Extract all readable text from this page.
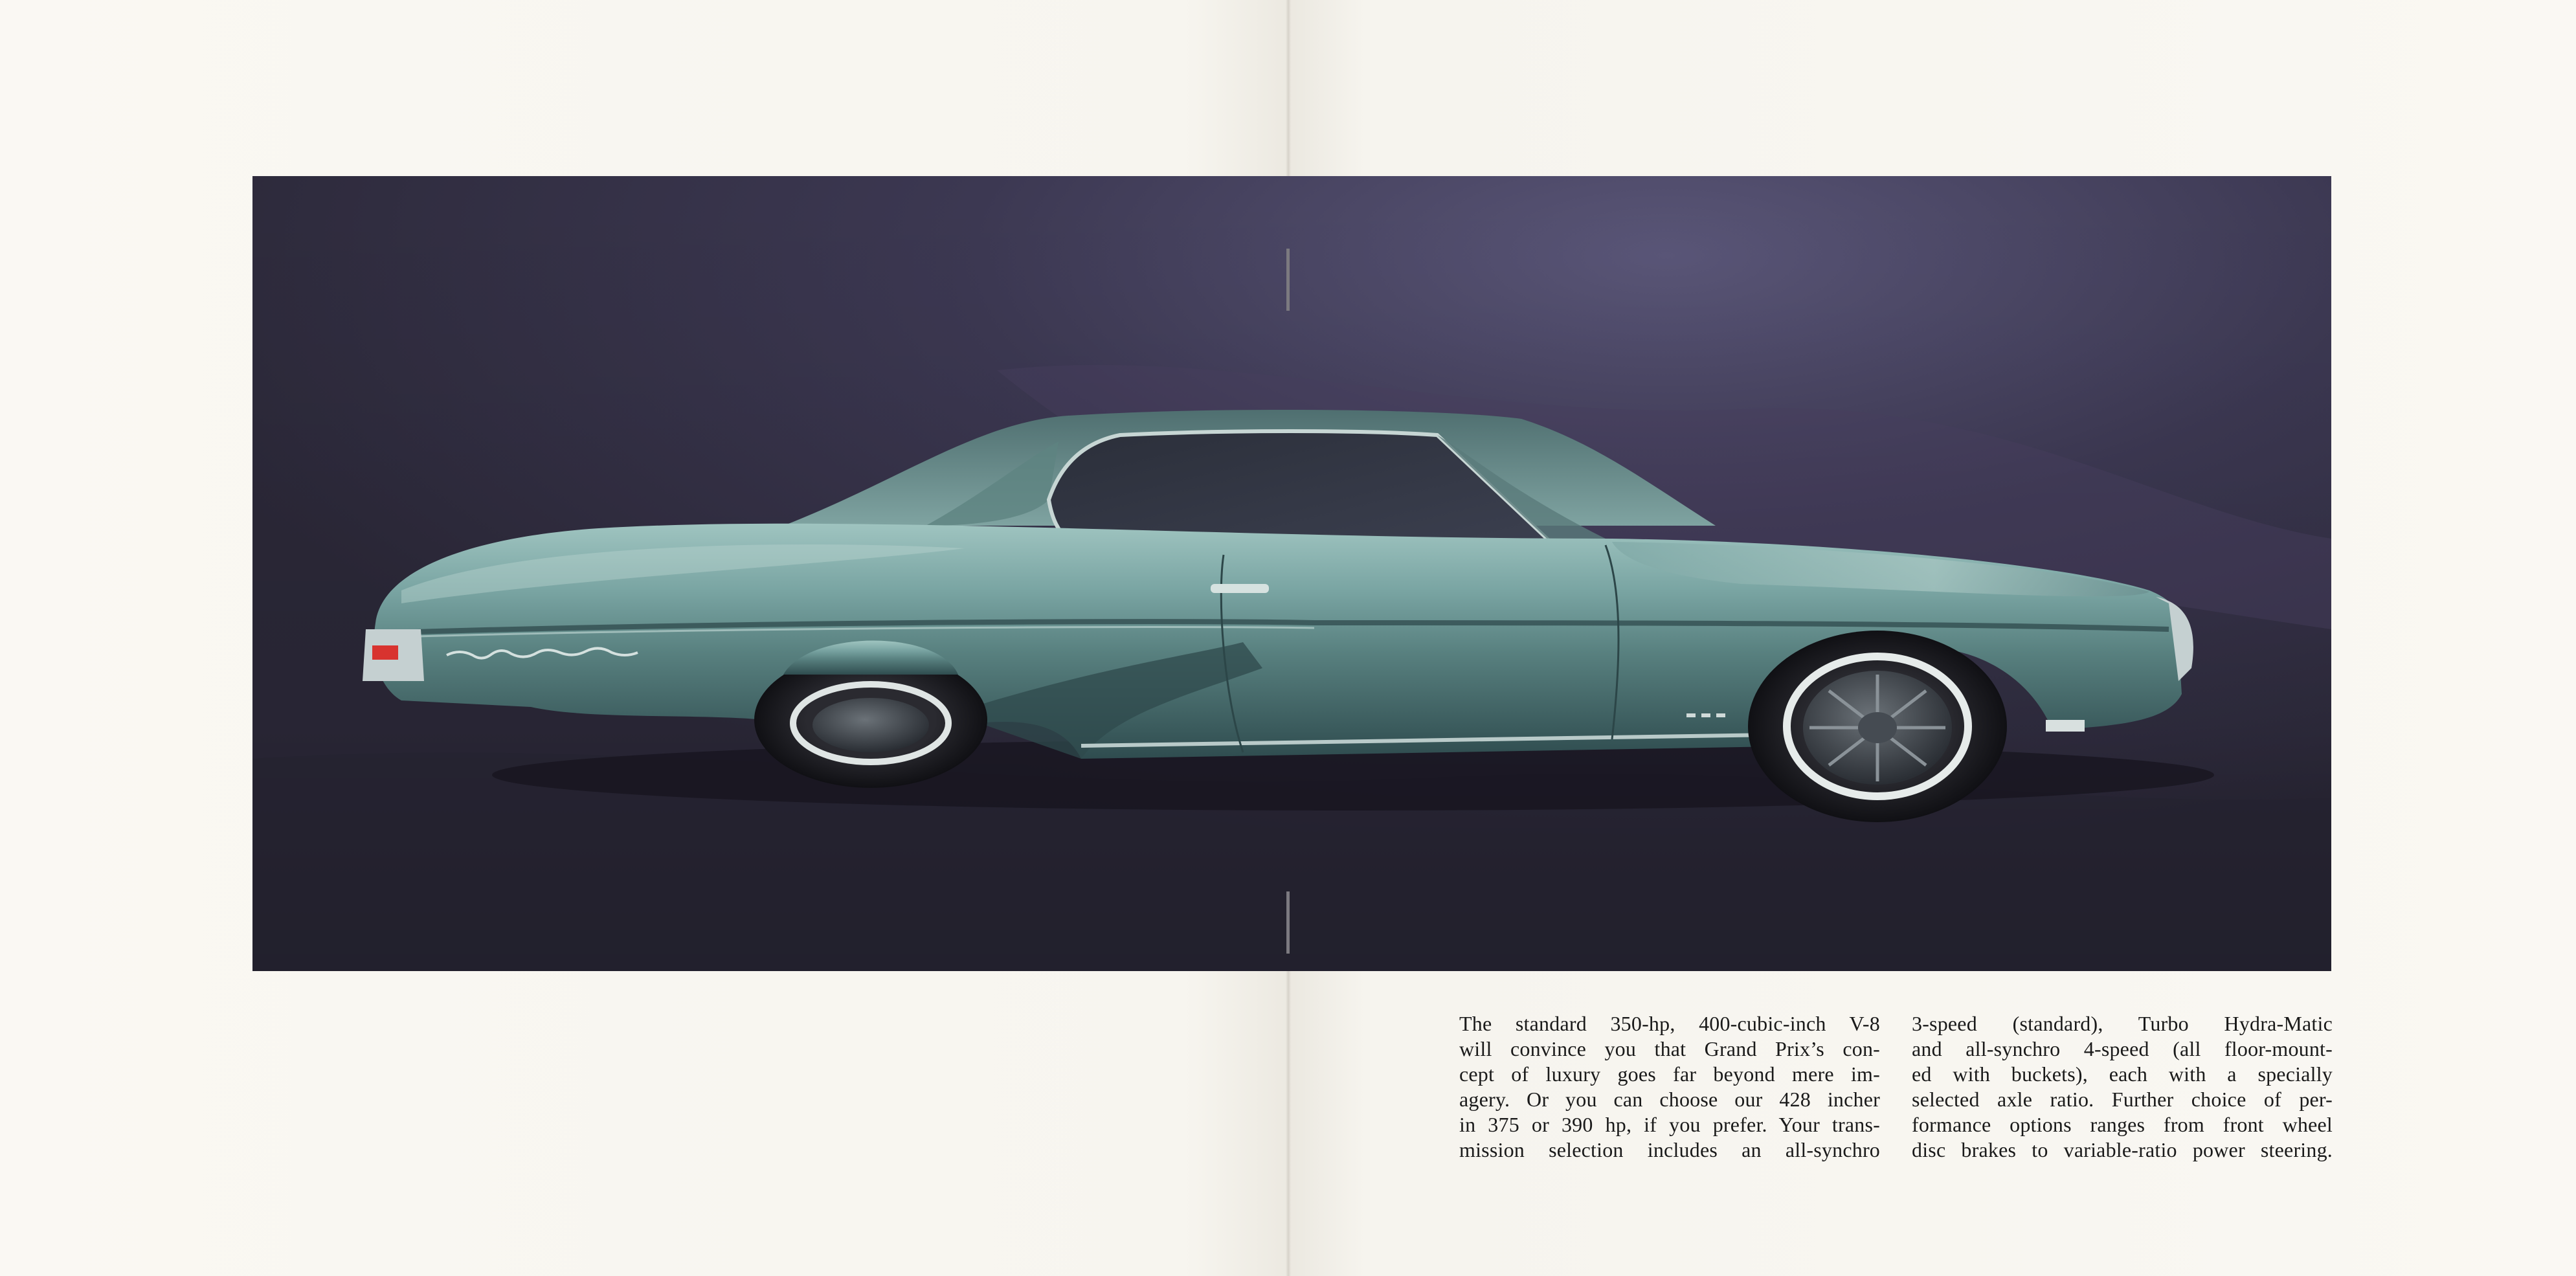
The standard 350-hp, 400-cubic-inch V-8
will convince you that Grand Prix’s con-
cept of luxury goes far beyond mere im-
agery. Or you can choose our 428 incher
in 375 or 390 hp, if you prefer. Your trans-
mission selection includes an all-synchro
3-speed (standard), Turbo Hydra-Matic
and all-synchro 4-speed (all floor-mount-
ed with buckets), each with a specially
selected axle ratio. Further choice of per-
formance options ranges from front wheel
disc brakes to variable-ratio power steering.
